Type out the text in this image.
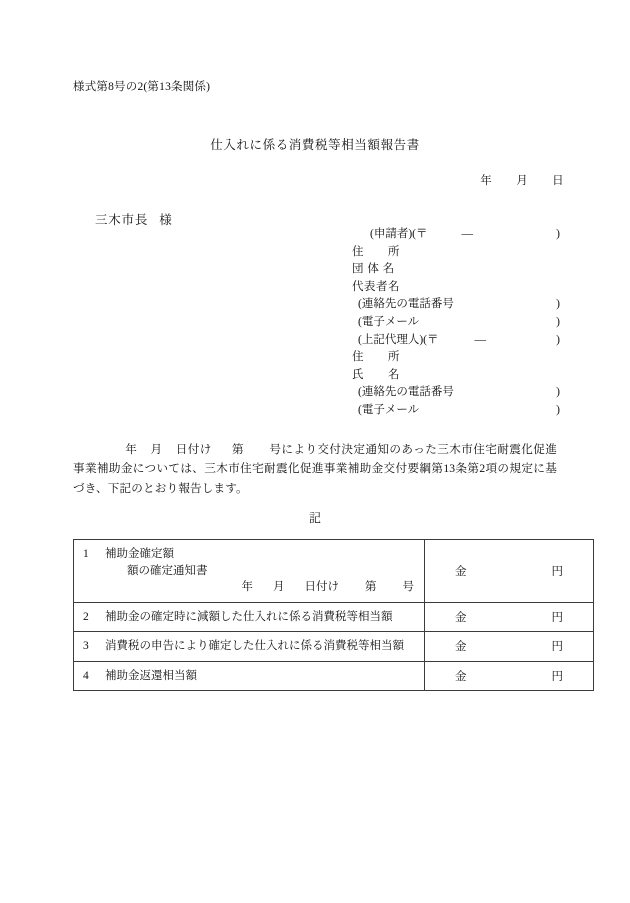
様式第8号の2(第13条関係)
仕入れに係る消費税等相当額報告書
年 月 日
三木市長 様
(申請者)(〒	—	)
住　　所
団 体 名
代表者名
(連絡先の電話番号	)
(電子メール	)
(上記代理人)(〒	—	)
住　　所
氏　　名
(連絡先の電話番号	)
(電子メール	)
年 月 日付け 第 号により交付決定通知のあった三木市住宅耐震化促進事業補助金については、三木市住宅耐震化促進事業補助金交付要綱第13条第2項の規定に基づき、下記のとおり報告します。
記
1 補助金確定額
額の確定通知書
年 月 日付け 第 号

金	円

2 補助金の確定時に減額した仕入れに係る消費税等相当額	金 円

3 消費税の申告により確定した仕入れに係る消費税等相当額	金 円

4 補助金返還相当額	金 円
